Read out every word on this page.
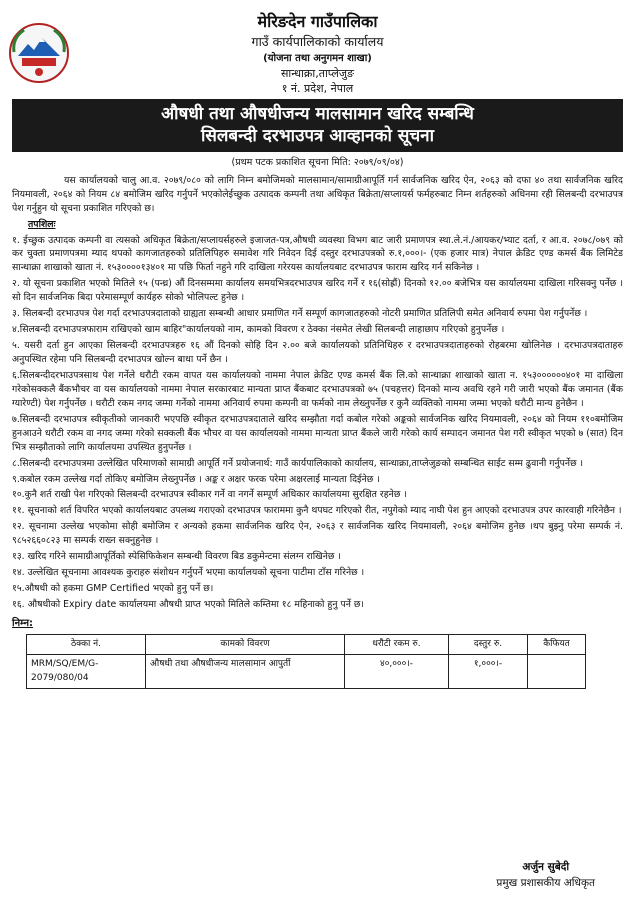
मेरिङदेन गाउँपालिका
गाउँ कार्यपालिकाको कार्यालय
(योजना तथा अनुगमन शाखा)
सान्धाक्रा,ताप्लेजुङ
१ नं. प्रदेश, नेपाल
औषधी तथा औषधीजन्य मालसामान खरिद सम्बन्धि
सिलबन्दी दरभाउपत्र आव्हानको सूचना
(प्रथम पटक प्रकाशित सूचना मिति: २०७९/०९/०४)

यस कार्यालयको चालु आ.व. २०७९/०८० को लागि निम्न बमोजिमको मालसामान/सामाग्रीआपूर्ति गर्न सार्वजनिक खरिद ऐन, २०६३ को दफा ४० तथा सार्वजनिक खरिद नियमावली, २०६४ को नियम ८४ बमोजिम खरिद गर्नुपर्ने भएकोलेईच्छुक उत्पादक कम्पनी तथा अधिकृत बिक्रेता/सप्लायर्स फर्महरुबाट निम्न शर्तहरुको अधिनमा रही सिलबन्दी दरभाउपत्र पेश गर्नुहुन यो सूचना प्रकाशित गरिएको छ।

तपशिलः
१. ईच्छुक उत्पादक कम्पनी वा त्यसको अधिकृत बिक्रेता/सप्लायर्सहरुले इजाजत-पत्र,औषधी व्यवस्था विभग बाट जारी प्रमाणपत्र स्था.ले.नं./आयकर/भ्याट दर्ता, र आ.व. २०७८/०७९ को कर चुक्ता प्रमाणपत्रमा म्याद थपको कागजातहरुको प्रतिलिपिहरु समावेश गरि निवेदन दिई दस्तुर दरभाउपत्रको रु.१,०००।- (एक हजार मात्र) नेपाल क्रेडिट एण्ड कमर्स बैंक लिमिटेड सान्धाक्रा शाखाको खाता नं. १५३००००१३४०१ मा पछि फिर्ता नहुने गरि दाखिला गरेरयस कार्यालयबाट दरभाउपत्र फाराम खरिद गर्न सकिनेछ ।
२. यो सूचना प्रकाशित भएको मितिले १५ (पन्ध्र) औं दिनसम्ममा कार्यालय समयभित्रदरभाउपत्र खरिद गर्ने र १६(सोह्रौं) दिनको १२.०० बजेभित्र यस कार्यालयमा दाखिला गरिसक्नु पर्नेछ । सो दिन सार्वजनिक बिदा परेमासम्पूर्ण कार्यहरु सोको भोलिपल्ट हुनेछ ।
३. सिलबन्दी दरभाउपत्र पेश गर्दा दरभाउपत्रदाताको ग्राह्यता सम्बन्धी आधार प्रमाणित गर्ने सम्पूर्ण कागजातहरुको नोटरी प्रमाणित प्रतिलिपी समेत अनिवार्य रुपमा पेश गर्नुपर्नेछ ।
४.सिलबन्दी दरभाउपत्रफाराम राखिएको खाम बाहिर"कार्यालयको नाम, कामको विवरण र ठेक्का नंसमेत लेखी सिलबन्दी लाहाछाप गरिएको हुनुपर्नेछ ।
५. यसरी दर्ता हुन आएका सिलबन्दी दरभाउपत्रहरु १६ औं दिनको सोहि दिन २.०० बजे कार्यालयको प्रतिनिधिहरु र दरभाउपत्रदाताहरुको रोहबरमा खोलिनेछ । दरभाउपत्रदाताहरु अनुपस्थित रहेमा पनि सिलबन्दी दरभाउपत्र खोल्न बाधा पर्ने छैन ।
६.सिलबन्दीदरभाउपत्रसाथ पेश गर्नेले धरौटी रकम वापत यस कार्यालयको नाममा नेपाल क्रेडिट एण्ड कमर्स बैंक लि.को सान्धाक्रा शाखाको खाता न. १५३००००००४०१ मा दाखिला गरेकोसक्कलै बैंकभौचर वा यस कार्यालयको नाममा नेपाल सरकारबाट मान्यता प्राप्त बैंकबाट दरभाउपत्रको ७५ (पचहत्तर) दिनको मान्य अवधि रहने गरी जारी भएको बैंक जमानत (बैंक ग्यारेण्टी) पेश गर्नुपर्नेछ । धरौटी रकम नगद जम्मा गर्नेको नाममा अनिवार्य रुपमा कम्पनी वा फर्मको नाम लेख्नुपर्नेछ र कुनै व्यक्तिको नाममा जम्मा भएको धरौटी मान्य हुनेछैन ।
७.सिलबन्दी दरभाउपत्र स्वीकृतीको जानकारी भएपछि स्वीकृत दरभाउपत्रदाताले खरिद सम्झौता गर्दा कबोल गरेको अङ्कको सार्वजनिक खरिद नियमावली, २०६४ को नियम ११०बमोजिम हुनआउने धरौटी रकम वा नगद जम्मा गरेको सक्कली बैंक भौचर वा यस कार्यालयको नाममा मान्यता प्राप्त बैंकले जारी गरेको कार्य सम्पादन जमानत पेश गरी स्वीकृत भएको ७ (सात) दिन भित्र सम्झौताको लागि कार्यालयमा उपस्थित हुनुपर्नेछ ।
८.सिलबन्दी दरभाउपत्रमा उल्लेखित परिमाणको सामाग्री आपूर्ति गर्ने प्रयोजनार्थ: गाउँ कार्यपालिकाको कार्यालय, सान्धाक्रा,ताप्लेजुङको सम्बन्धित साईट सम्म ढुवानी गर्नुपर्नेछ ।
९.कबोल रकम उल्लेख गर्दा तोकिए बमोजिम लेख्नुपर्नेछ । अङ्क र अक्षर फरक परेमा अक्षरलाई मान्यता दिईनेछ ।
१०.कुनै शर्त राखी पेश गरिएको सिलबन्दी दरभाउपत्र स्वीकार गर्ने वा नगर्ने सम्पूर्ण अधिकार कार्यालयमा सुरक्षित रहनेछ ।
११. सूचनाको शर्त विपरित भएको कार्यालयबाट उपलब्ध गराएको दरभाउपत्र फाराममा कुनै थपघट गरिएको रीत, नपुगेको म्याद नाघी पेश हुन आएको दरभाउपत्र उपर कारवाही गरिनेछैन ।
१२. सूचनामा उल्लेख भएकोमा सोही बमोजिम र अन्यको हकमा सार्वजनिक खरिद ऐन, २०६३ र सार्वजनिक खरिद नियमावली, २०६४ बमोजिम हुनेछ ।थप बुझ्नु परेमा सम्पर्क नं. ९८५२६६०८२३ मा सम्पर्क राख्न सक्नुहुनेछ ।
१३. खरिद गरिने सामाग्रीआपूर्तिको स्पेसिफिकेशन सम्बन्धी विवरण बिड डकुमेन्टमा संलग्न राखिनेछ ।
१४. उल्लेखित सूचनामा आवश्यक कुराहरु संशोधन गर्नुपर्ने भएमा कार्यालयको सूचना पाटीमा टाँस गरिनेछ ।
१५.औषधी को हकमा GMP Certified भएको हुनु पर्ने छ।
१६. औषधीको Expiry date कार्यालयमा औषधी प्राप्त भएको मितिले कम्तिमा १८ महिनाको हुनु पर्ने छ।
निम्न:
ठेक्का नं.	कामको विवरण	धरौटी रकम रु.	दस्तुर रु.	कैफियत
MRM/SQ/EM/G-2079/080/04	औषधी तथा औषधीजन्य मालसामान आपुर्ती	४०,०००।-	१,०००।-	
अर्जुन सुबेदी
प्रमुख प्रशासकीय अधिकृत
